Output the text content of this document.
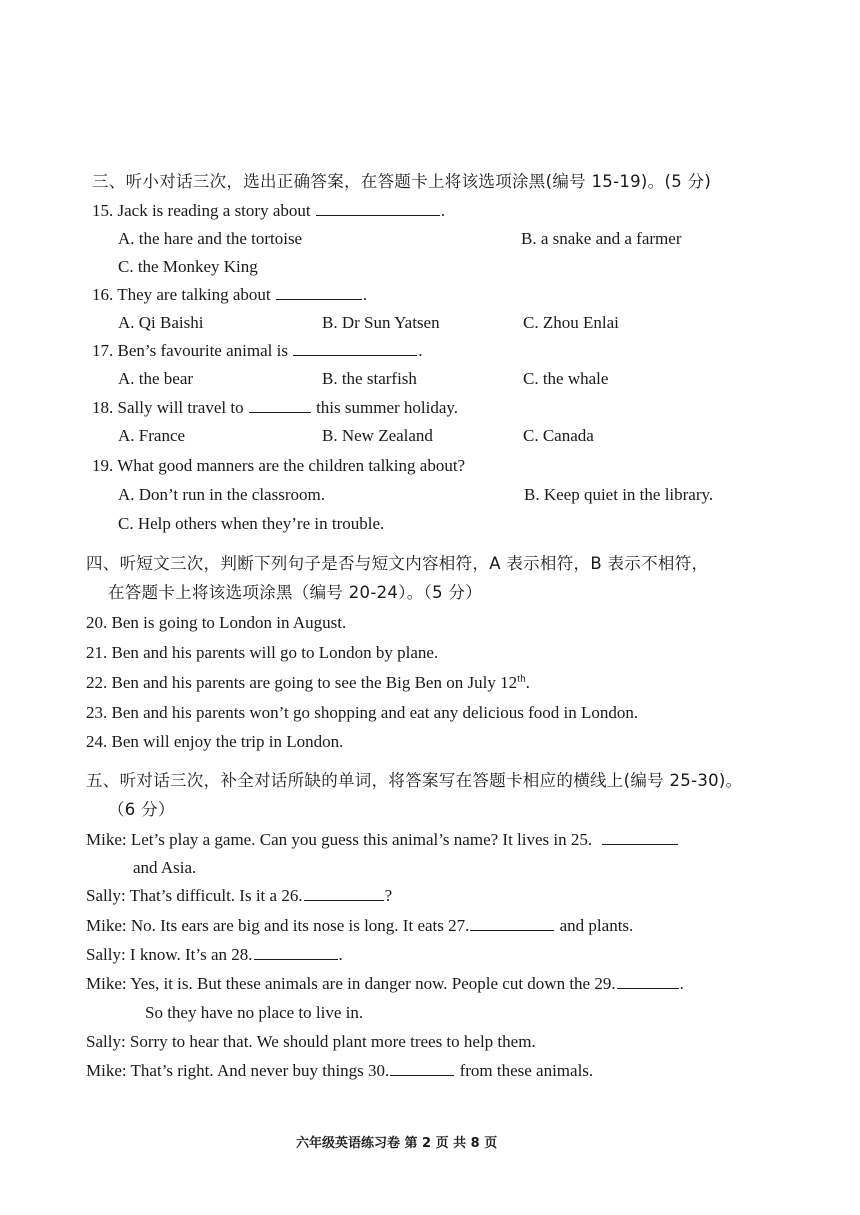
三、听小对话三次，选出正确答案，在答题卡上将该选项涂黑(编号 15-19)。(5 分)
15. Jack is reading a story about	.
A. the hare and the tortoise	B. a snake and a farmer
C. the Monkey King
16. They are talking about	.
A. Qi Baishi	B. Dr Sun Yatsen	C. Zhou Enlai
17. Ben’s favourite animal is	.
A. the bear	B. the starfish	C. the whale
18. Sally will travel to	this summer holiday.
A. France	B. New Zealand	C. Canada
19. What good manners are the children talking about?
A. Don’t run in the classroom.	B. Keep quiet in the library.
C. Help others when they’re in trouble.
四、听短文三次，判断下列句子是否与短文内容相符，A 表示相符，B 表示不相符，
在答题卡上将该选项涂黑（编号 20-24）。（5 分）
20. Ben is going to London in August.
21. Ben and his parents will go to London by plane.
22. Ben and his parents are going to see the Big Ben on July 12th.
23. Ben and his parents won’t go shopping and eat any delicious food in London.
24. Ben will enjoy the trip in London.
五、听对话三次，补全对话所缺的单词，将答案写在答题卡相应的横线上(编号 25-30)。
（6 分）
Mike: Let’s play a game. Can you guess this animal’s name? It lives in 25.
and Asia.
Sally: That’s difficult. Is it a 26.	?
Mike: No. Its ears are big and its nose is long. It eats 27.	and plants.
Sally: I know. It’s an 28.	.
Mike: Yes, it is. But these animals are in danger now. People cut down the 29.	.
So they have no place to live in.
Sally: Sorry to hear that. We should plant more trees to help them.
Mike: That’s right. And never buy things 30.	from these animals.
六年级英语练习卷 第 2 页 共 8 页
